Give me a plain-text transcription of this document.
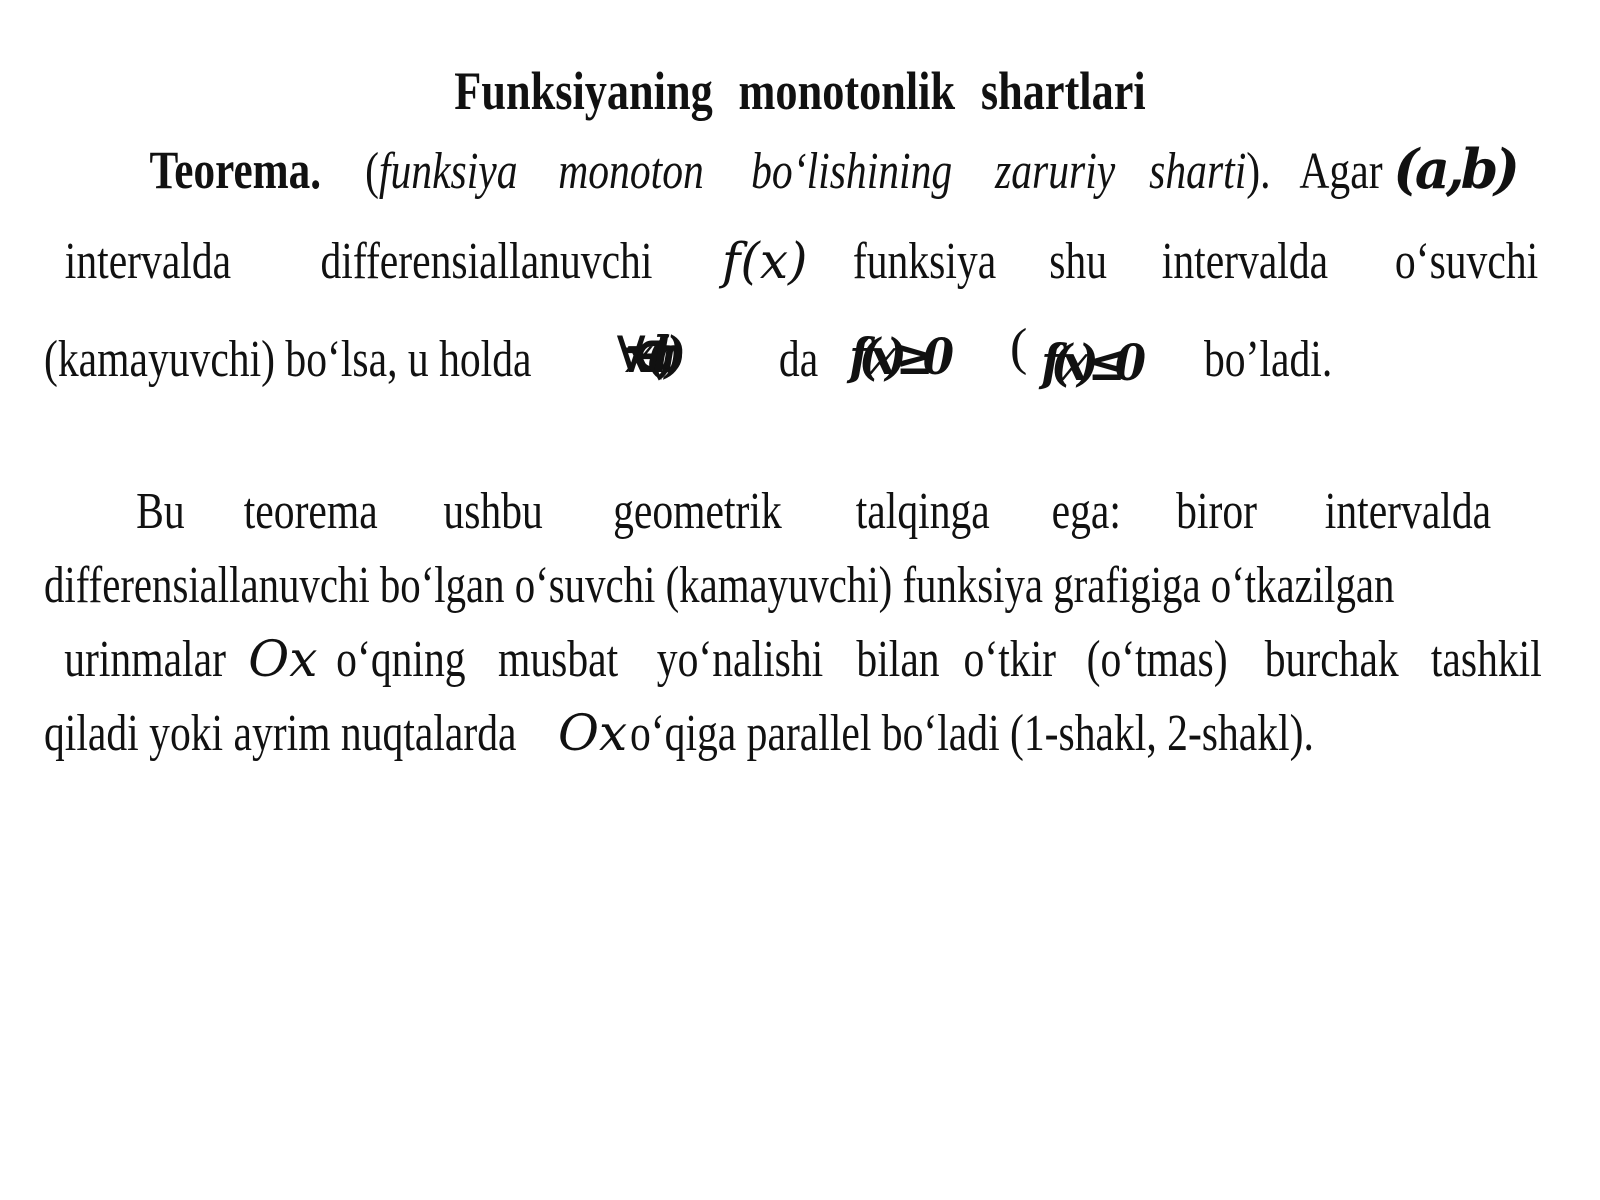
Funksiyaning monotonlik shartlari
Teorema. (funksiya monoton bo‘lishining zaruriy sharti). Agar (a,b)
intervalda differensiallanuvchi f(x) funksiya shu intervalda o‘suvchi
(kamayuvchi) bo‘lsa, u holda ∀x∈(a,b) da f′(x)≥0 ( f′(x)≤0 bo’ladi.
Bu teorema ushbu geometrik talqinga ega: biror intervalda
differensiallanuvchi bo‘lgan o‘suvchi (kamayuvchi) funksiya grafigiga o‘tkazilgan
urinmalar Ox o‘qning musbat yo‘nalishi bilan o‘tkir (o‘tmas) burchak tashkil
qiladi yoki ayrim nuqtalarda Ox o‘qiga parallel bo‘ladi (1-shakl, 2-shakl).
